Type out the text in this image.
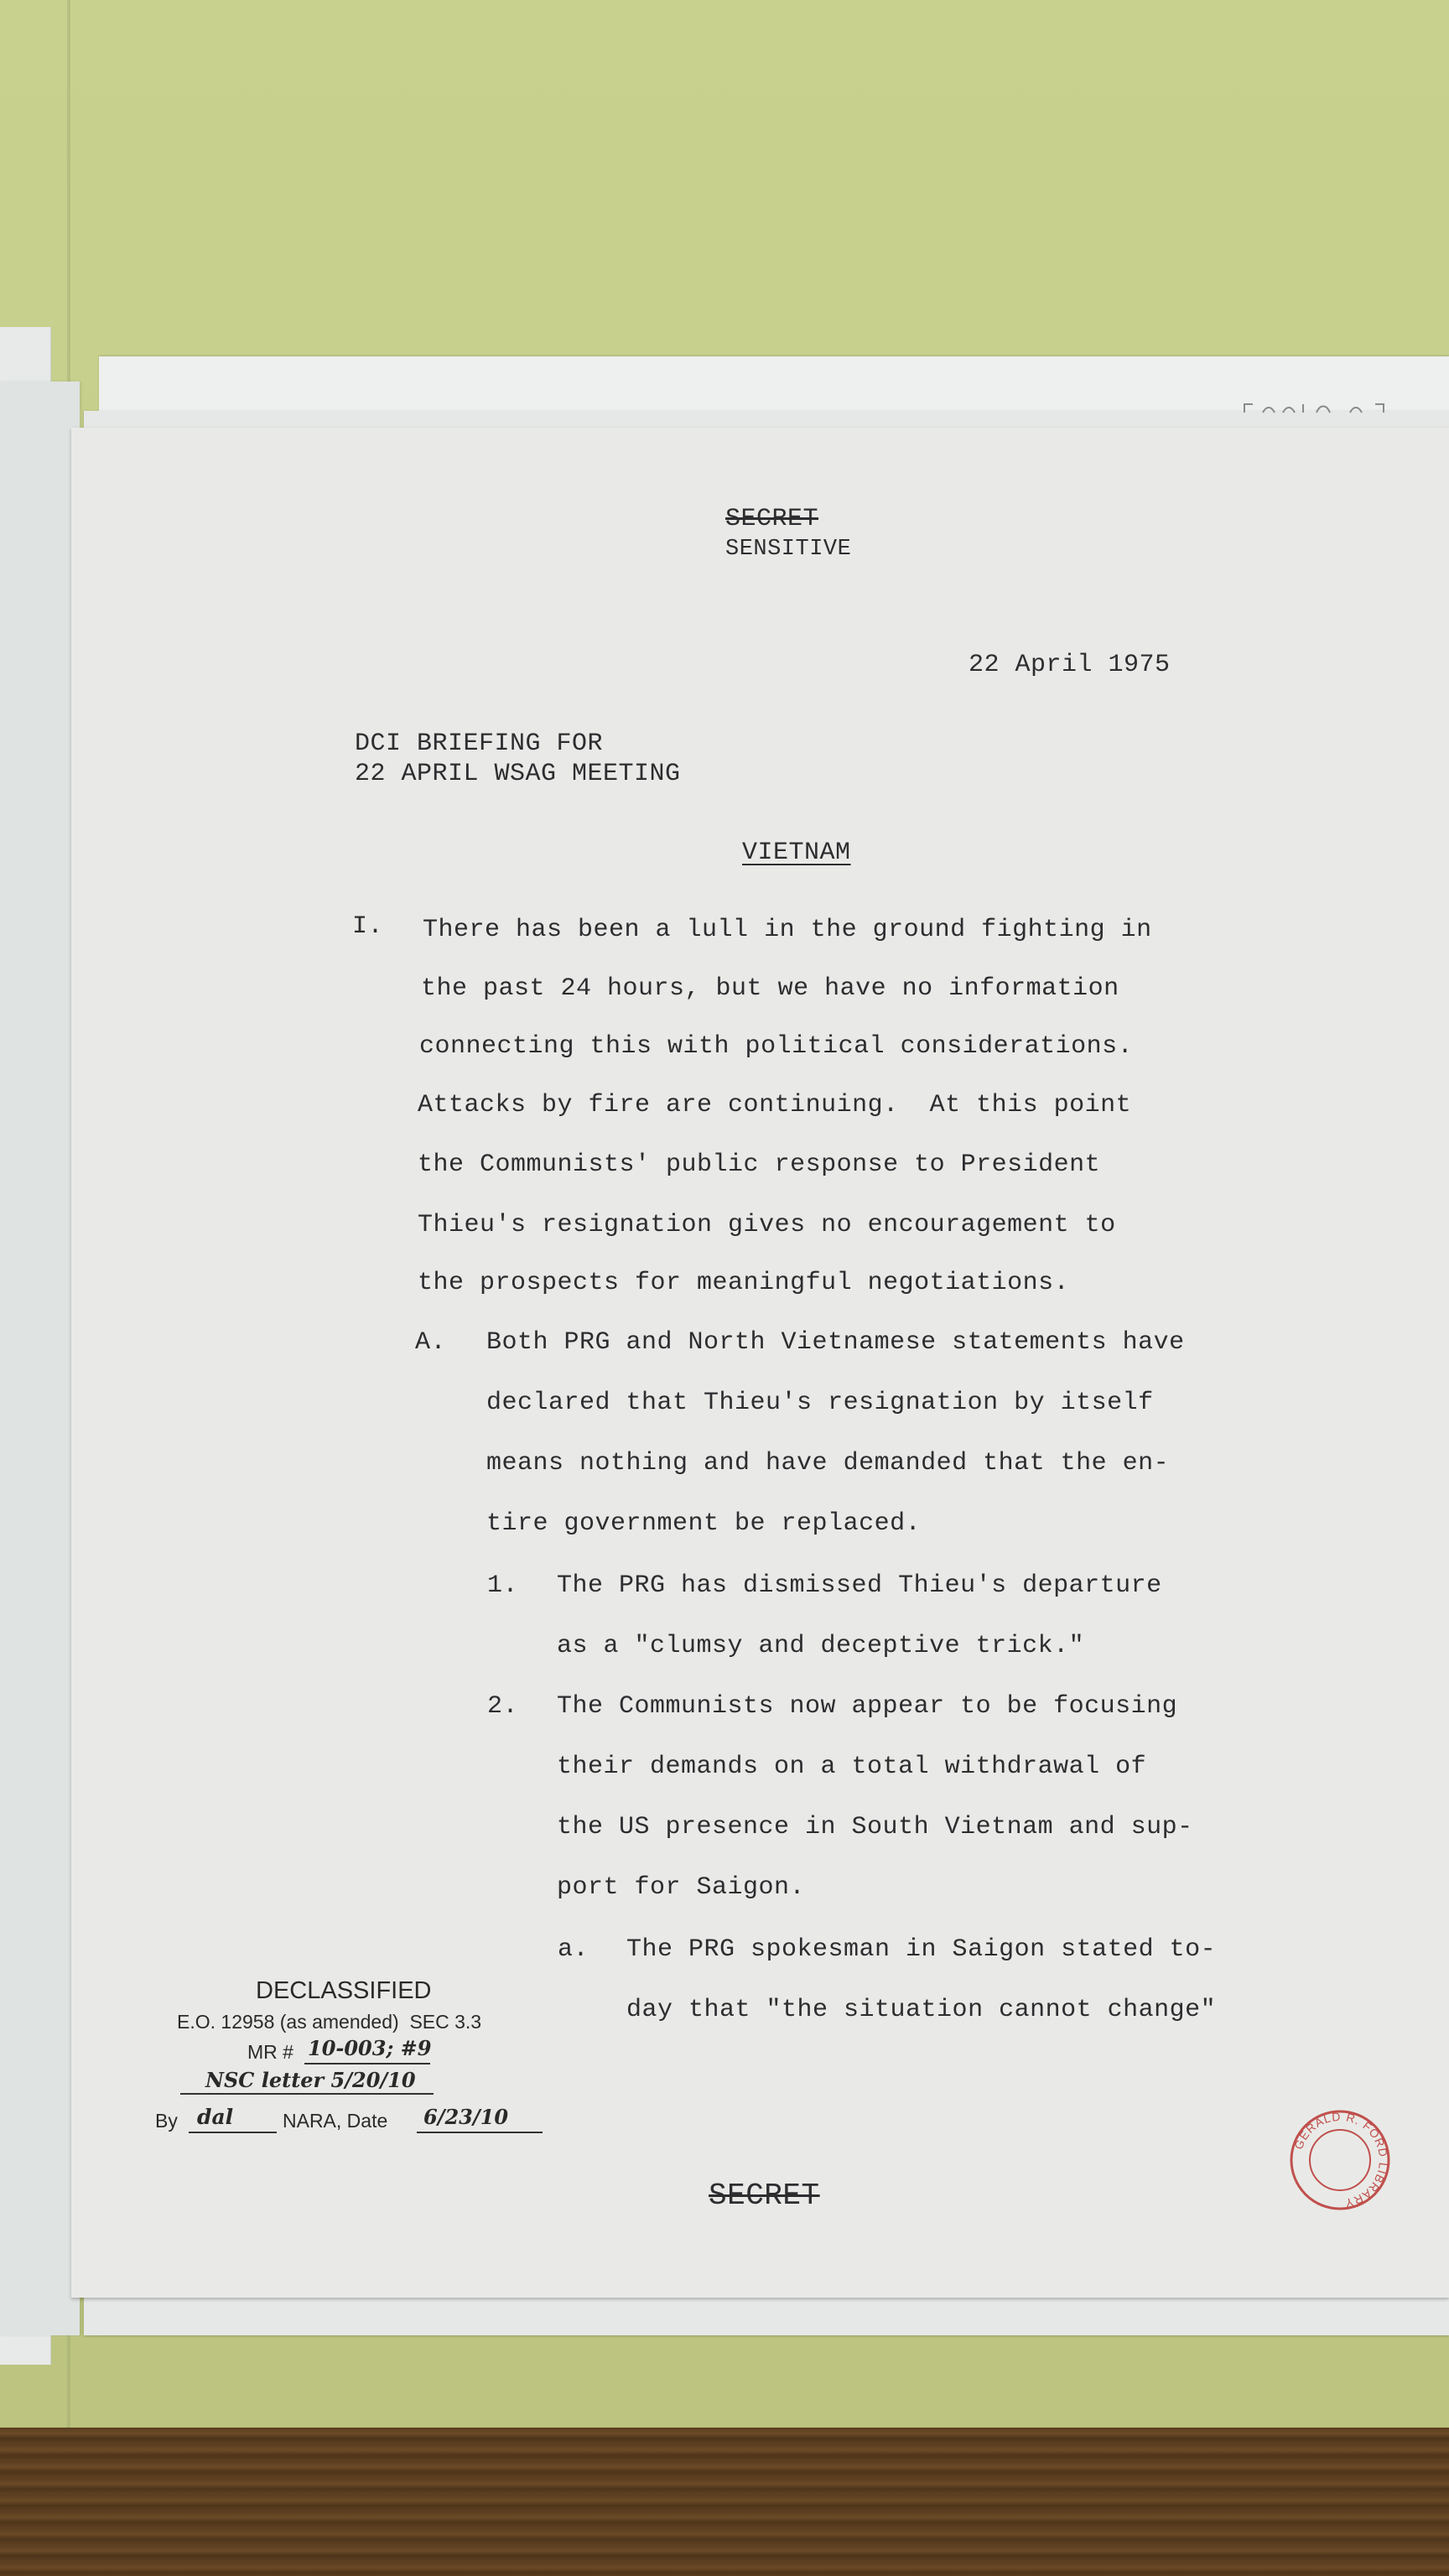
SECRET
SENSITIVE
22 April 1975
DCI BRIEFING FOR
22 APRIL WSAG MEETING
VIETNAM
I. There has been a lull in the ground fighting in
the past 24 hours, but we have no information
connecting this with political considerations.
Attacks by fire are continuing.  At this point
the Communists' public response to President
Thieu's resignation gives no encouragement to
the prospects for meaningful negotiations.
A. Both PRG and North Vietnamese statements have
declared that Thieu's resignation by itself
means nothing and have demanded that the en-
tire government be replaced.
1. The PRG has dismissed Thieu's departure
as a "clumsy and deceptive trick."
2. The Communists now appear to be focusing
their demands on a total withdrawal of
the US presence in South Vietnam and sup-
port for Saigon.
a. The PRG spokesman in Saigon stated to-
day that "the situation cannot change"
DECLASSIFIED
E.O. 12958 (as amended)  SEC 3.3
MR # 10-003; #9
NSC letter 5/20/10
By dal	NARA, Date 6/23/10
SECRET
GERALD R. FORD LIBRARY
